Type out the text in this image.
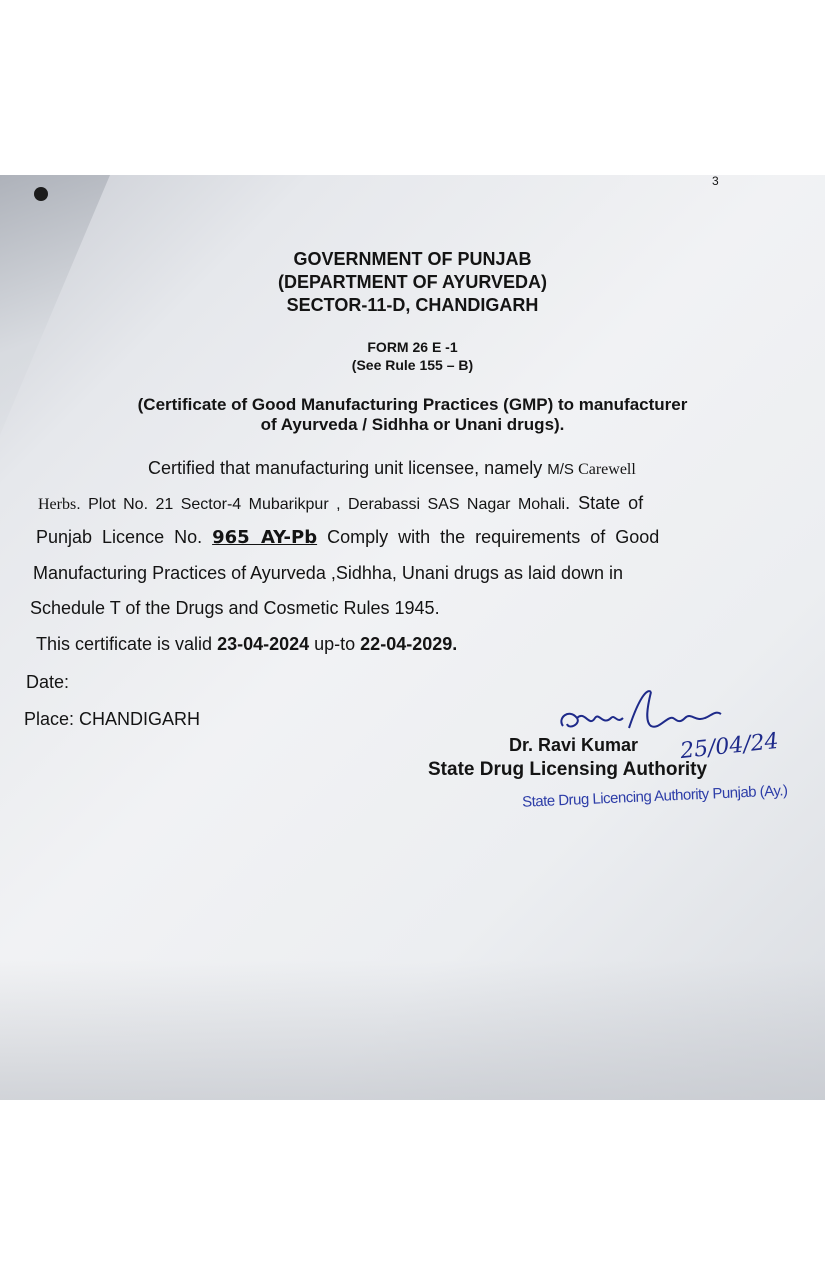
3
GOVERNMENT OF PUNJAB
(DEPARTMENT OF AYURVEDA)
SECTOR-11-D, CHANDIGARH
FORM 26 E -1
(See Rule 155 – B)
(Certificate of Good Manufacturing Practices (GMP) to manufacturer
of Ayurveda / Sidhha or Unani drugs).
Certified that manufacturing unit licensee, namely M/S Carewell
Herbs. Plot No. 21 Sector-4 Mubarikpur , Derabassi SAS Nagar Mohali. State of
Punjab Licence No. 965 AY-Pb Comply with the requirements of Good
Manufacturing Practices of Ayurveda ,Sidhha, Unani drugs as laid down in
Schedule T of the Drugs and Cosmetic Rules 1945.
This certificate is valid 23-04-2024 up-to 22-04-2029.
Date:
Place: CHANDIGARH
Dr. Ravi Kumar 25/04/24
State Drug Licensing Authority
State Drug Licencing Authority Punjab (Ay.)
